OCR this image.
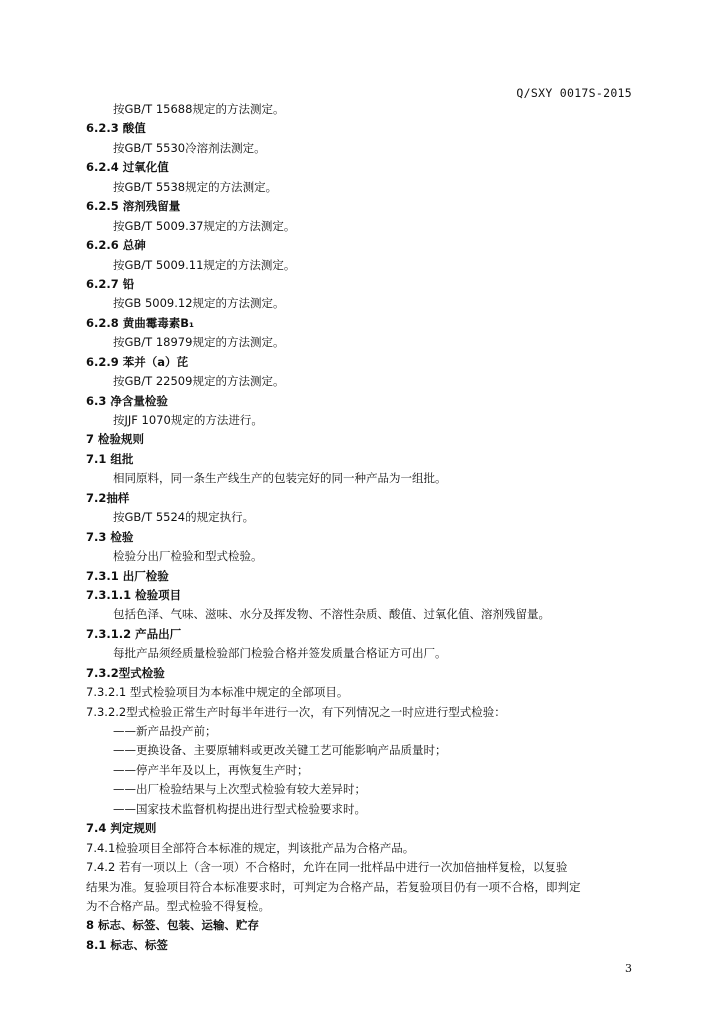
Q/SXY 0017S-2015
按GB/T 15688规定的方法测定。
6.2.3 酸值
按GB/T 5530冷溶剂法测定。
6.2.4 过氧化值
按GB/T 5538规定的方法测定。
6.2.5 溶剂残留量
按GB/T 5009.37规定的方法测定。
6.2.6 总砷
按GB/T 5009.11规定的方法测定。
6.2.7 铅
按GB 5009.12规定的方法测定。
6.2.8 黄曲霉毒素B₁
按GB/T 18979规定的方法测定。
6.2.9 苯并（a）芘
按GB/T 22509规定的方法测定。
6.3 净含量检验
按JJF 1070规定的方法进行。
7 检验规则
7.1 组批
相同原料，同一条生产线生产的包装完好的同一种产品为一组批。
7.2抽样
按GB/T 5524的规定执行。
7.3 检验
检验分出厂检验和型式检验。
7.3.1 出厂检验
7.3.1.1 检验项目
包括色泽、气味、滋味、水分及挥发物、不溶性杂质、酸值、过氧化值、溶剂残留量。
7.3.1.2 产品出厂
每批产品须经质量检验部门检验合格并签发质量合格证方可出厂。
7.3.2型式检验
7.3.2.1 型式检验项目为本标准中规定的全部项目。
7.3.2.2型式检验正常生产时每半年进行一次，有下列情况之一时应进行型式检验：
——新产品投产前；
——更换设备、主要原辅料或更改关键工艺可能影响产品质量时；
——停产半年及以上，再恢复生产时；
——出厂检验结果与上次型式检验有较大差异时；
——国家技术监督机构提出进行型式检验要求时。
7.4 判定规则
7.4.1检验项目全部符合本标准的规定，判该批产品为合格产品。
7.4.2 若有一项以上（含一项）不合格时，允许在同一批样品中进行一次加倍抽样复检，以复验
结果为准。复验项目符合本标准要求时，可判定为合格产品，若复验项目仍有一项不合格，即判定
为不合格产品。型式检验不得复检。
8 标志、标签、包装、运输、贮存
8.1 标志、标签
3
